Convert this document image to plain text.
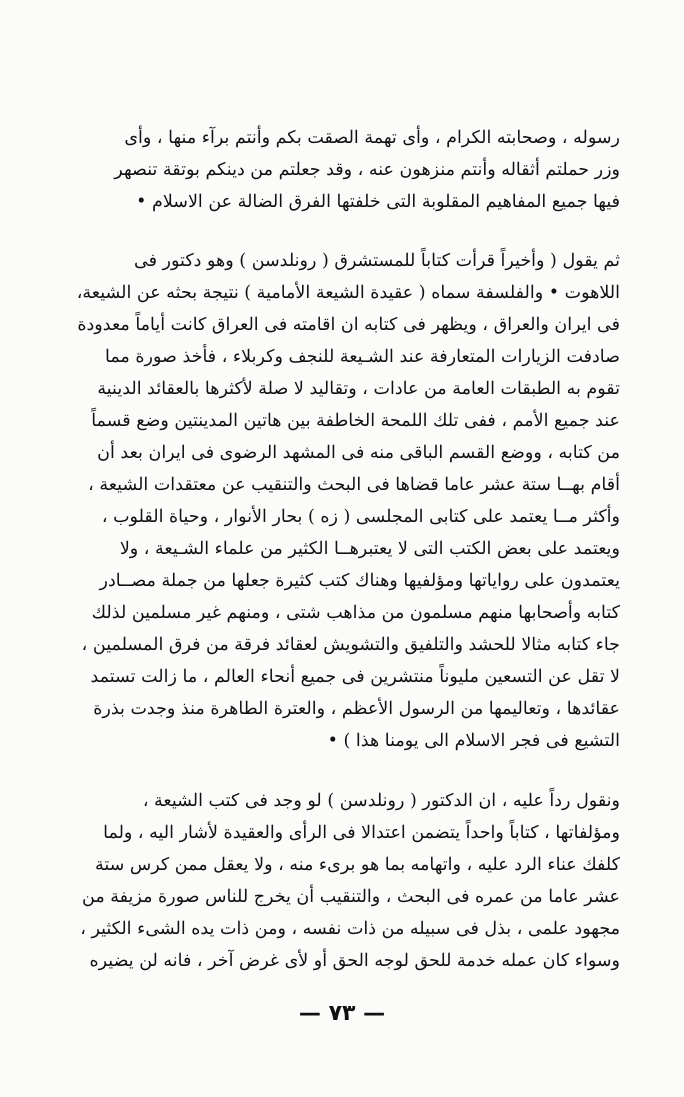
رسوله ، وصحابته الكرام ، وأى تهمة الصقت بكم وأنتم برآء منها ، وأى
وزر حملتم أثقاله وأنتم منزهون عنه ، وقد جعلتم من دينكم بوتقة تنصهر
فيها جميع المفاهيم المقلوبة التى خلفتها الفرق الضالة عن الاسلام •

ثم يقول ( وأخيراً قرأت كتاباً للمستشرق ( رونلدسن ) وهو دكتور فى
اللاهوت • والفلسفة سماه ( عقيدة الشيعة الأمامية ) نتيجة بحثه عن الشيعة،
فى ايران والعراق ، ويظهر فى كتابه ان اقامته فى العراق كانت أياماً معدودة
صادفت الزيارات المتعارفة عند الشـيعة للنجف وكربلاء ، فأخذ صورة مما
تقوم به الطبقات العامة من عادات ، وتقاليد لا صلة لأكثرها بالعقائد الدينية
عند جميع الأمم ، ففى تلك اللمحة الخاطفة بين هاتين المدينتين وضع قسماً
من كتابه ، ووضع القسم الباقى منه فى المشهد الرضوى فى ايران بعد أن
أقام بهــا ستة عشر عاما قضاها فى البحث والتنقيب عن معتقدات الشيعة ،
وأكثر مــا يعتمد على كتابى المجلسى ( زه ) بحار الأنوار ، وحياة القلوب ،
ويعتمد على بعض الكتب التى لا يعتبرهــا الكثير من علماء الشـيعة ، ولا
يعتمدون على رواياتها ومؤلفيها وهناك كتب كثيرة جعلها من جملة مصــادر
كتابه وأصحابها منهم مسلمون من مذاهب شتى ، ومنهم غير مسلمين لذلك
جاء كتابه مثالا للحشد والتلفيق والتشويش لعقائد فرقة من فرق المسلمين ،
لا تقل عن التسعين مليوناً منتشرين فى جميع أنحاء العالم ، ما زالت تستمد
عقائدها ، وتعاليمها من الرسول الأعظم ، والعترة الطاهرة منذ وجدت بذرة
التشيع فى فجر الاسلام الى يومنا هذا ) •

ونقول رداً عليه ، ان الدكتور ( رونلدسن ) لو وجد فى كتب الشيعة ،
ومؤلفاتها ، كتاباً واحداً يتضمن اعتدالا فى الرأى والعقيدة لأشار اليه ، ولما
كلفك عناء الرد عليه ، واتهامه بما هو برىء منه ، ولا يعقل ممن كرس ستة
عشر عاما من عمره فى البحث ، والتنقيب أن يخرج للناس صورة مزيفة من
مجهود علمى ، بذل فى سبيله من ذات نفسه ، ومن ذات يده الشىء الكثير ،
وسواء كان عمله خدمة للحق لوجه الحق أو لأى غرض آخر ، فانه لن يضيره

— ٧٣ —
